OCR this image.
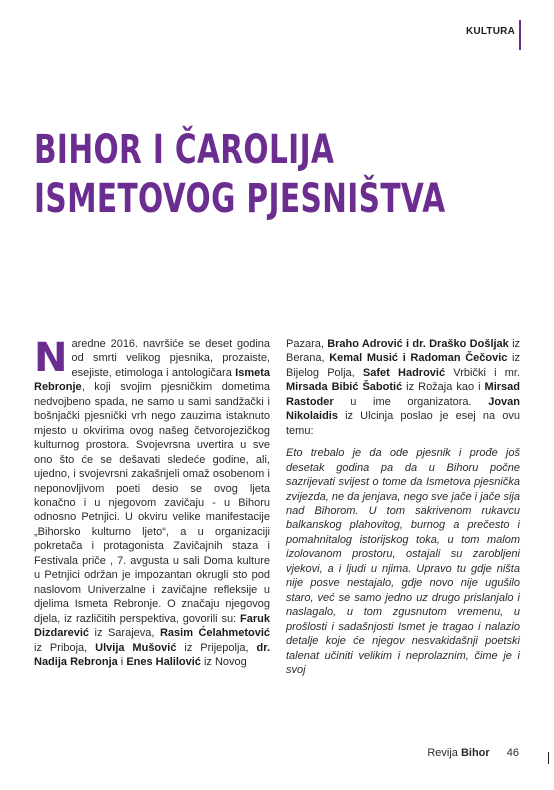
KULTURA
BIHOR I ČAROLIJA
ISMETOVOG PJESNIŠTVA

Naredne 2016. navršiće se deset godina od smrti velikog pjesnika, prozaiste, esejiste, etimologa i antologičara Ismeta Rebronje, koji svojim pjesničkim dometima nedvojbeno spada, ne samo u sami sandžački i bošnjački pjesnički vrh nego zauzima istaknuto mjesto u okvirima ovog našeg četvorojezičkog kulturnog prostora. Svojevrsna uvertira u sve ono što će se dešavati sledeće godine, ali, ujedno, i svojevrsni zakašnjeli omaž osobenom i neponovljivom poeti desio se ovog ljeta konačno i u njegovom zavičaju - u Bihoru odnosno Petnjici. U okviru velike manifestacije „Bihorsko kulturno ljeto“, a u organizaciji pokretača i protagonista Zavičajnih staza i Festivala priče , 7. avgusta u sali Doma kulture u Petnjici održan je impozantan okrugli sto pod naslovom Univerzalne i zavičajne refleksije u djelima Ismeta Rebronje. O značaju njegovog djela, iz različitih perspektiva, govorili su: Faruk Dizdarević iz Sarajeva, Rasim Ćelahmetović iz Priboja, Ulvija Mušović iz Prijepolja, dr. Nadija Rebronja i Enes Halilović iz Novog

Pazara, Braho Adrović i dr. Draško Došljak iz Berana, Kemal Musić i Radoman Čečovic iz Bijelog Polja, Safet Hadrović Vrbički i mr. Mirsada Bibić Šabotić iz Rožaja kao i Mirsad Rastoder u ime organizatora. Jovan Nikolaidis iz Ulcinja poslao je esej na ovu temu:

Eto trebalo je da ode pjesnik i prođe još desetak godina pa da u Bihoru počne sazrijevati svijest o tome da Ismetova pjesnička zvijezda, ne da jenjava, nego sve jače i jače sija nad Bihorom. U tom sakrivenom rukavcu balkanskog plahovitog, burnog a prečesto i pomahnitalog istorijskog toka, u tom malom izolovanom prostoru, ostajali su zarobljeni vjekovi, a i ljudi u njima. Upravo tu gdje ništa nije posve nestajalo, gdje novo nije ugušilo staro, već se samo jedno uz drugo prislanjalo i naslagalo, u tom zgusnutom vremenu, u prošlosti i sadašnjosti Ismet je tragao i nalazio detalje koje će njegov nesvakidašnji poetski talenat učiniti velikim i neprolaznim, čime je i svoj

Revija Bihor 46
